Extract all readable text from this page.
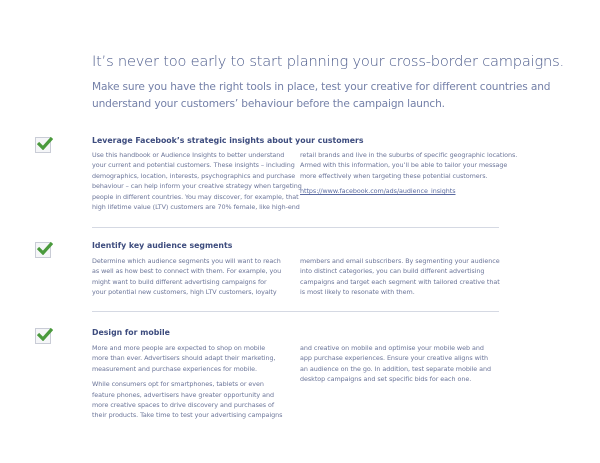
It’s never too early to start planning your cross-border campaigns.
Make sure you have the right tools in place, test your creative for different countries and
understand your customers’ behaviour before the campaign launch.
Leverage Facebook’s strategic insights about your customers
Use this handbook or Audience Insights to better understand
your current and potential customers. These insights – including
demographics, location, interests, psychographics and purchase
behaviour – can help inform your creative strategy when targeting
people in different countries. You may discover, for example, that
high lifetime value (LTV) customers are 70% female, like high-end
retail brands and live in the suburbs of specific geographic locations.
Armed with this information, you’ll be able to tailor your message
more effectively when targeting these potential customers.
https://www.facebook.com/ads/audience_insights
Identify key audience segments
Determine which audience segments you will want to reach
as well as how best to connect with them. For example, you
might want to build different advertising campaigns for
your potential new customers, high LTV customers, loyalty
members and email subscribers. By segmenting your audience
into distinct categories, you can build different advertising
campaigns and target each segment with tailored creative that
is most likely to resonate with them.
Design for mobile
More and more people are expected to shop on mobile
more than ever. Advertisers should adapt their marketing,
measurement and purchase experiences for mobile.
While consumers opt for smartphones, tablets or even
feature phones, advertisers have greater opportunity and
more creative spaces to drive discovery and purchases of
their products. Take time to test your advertising campaigns
and creative on mobile and optimise your mobile web and
app purchase experiences. Ensure your creative aligns with
an audience on the go. In addition, test separate mobile and
desktop campaigns and set specific bids for each one.
